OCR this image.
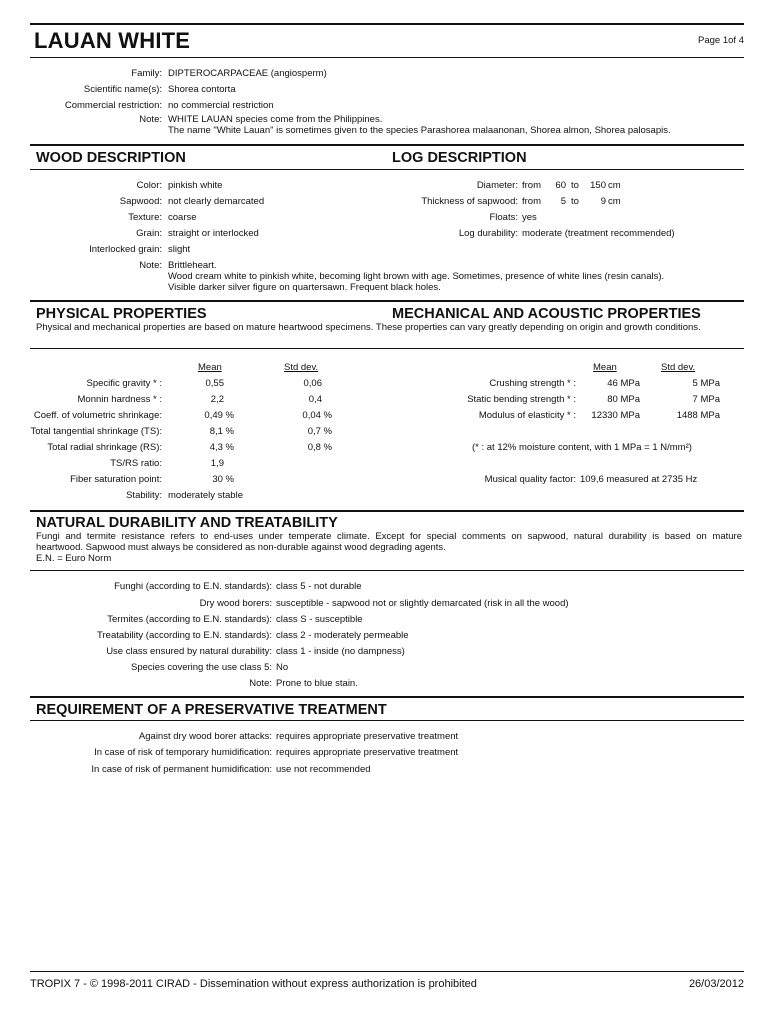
LAUAN WHITE	Page 1of 4
Family: DIPTEROCARPACEAE (angiosperm)
Scientific name(s): Shorea contorta
Commercial restriction: no commercial restriction
Note: WHITE LAUAN species come from the Philippines.
The name "White Lauan" is sometimes given to the species Parashorea malaanonan, Shorea almon, Shorea palosapis.
WOOD DESCRIPTION	LOG DESCRIPTION
Color: pinkish white
Sapwood: not clearly demarcated
Texture: coarse
Grain: straight or interlocked
Interlocked grain: slight
Note: Brittleheart.
Wood cream white to pinkish white, becoming light brown with age. Sometimes, presence of white lines (resin canals).
Visible darker silver figure on quartersawn. Frequent black holes.
Diameter: from	60 to	150 cm
Thickness of sapwood: from	5 to	9 cm
Floats: yes
Log durability: moderate (treatment recommended)
PHYSICAL PROPERTIES	MECHANICAL AND ACOUSTIC PROPERTIES
Physical and mechanical properties are based on mature heartwood specimens. These properties can vary greatly depending on origin and growth conditions.
Mean	Std dev.
Specific gravity * :	0,55	0,06
Monnin hardness * :	2,2	0,4
Coeff. of volumetric shrinkage:	0,49 %	0,04 %
Total tangential shrinkage (TS):	8,1 %	0,7 %
Total radial shrinkage (RS):	4,3 %	0,8 %
TS/RS ratio:	1,9
Fiber saturation point:	30 %
Stability: moderately stable
Mean	Std dev.
Crushing strength * :	46 MPa	5 MPa
Static bending strength * :	80 MPa	7 MPa
Modulus of elasticity * :	12330 MPa	1488 MPa
(* : at 12% moisture content, with 1 MPa = 1 N/mm²)
Musical quality factor: 109,6 measured at 2735 Hz
NATURAL DURABILITY AND TREATABILITY
Fungi and termite resistance refers to end-uses under temperate climate. Except for special comments on sapwood, natural durability is based on mature
heartwood. Sapwood must always be considered as non-durable against wood degrading agents.
E.N. = Euro Norm
Funghi (according to E.N. standards): class 5 - not durable
Dry wood borers: susceptible - sapwood not or slightly demarcated (risk in all the wood)
Termites (according to E.N. standards): class S - susceptible
Treatability (according to E.N. standards): class 2 - moderately permeable
Use class ensured by natural durability: class 1 - inside (no dampness)
Species covering the use class 5: No
Note: Prone to blue stain.
REQUIREMENT OF A PRESERVATIVE TREATMENT
Against dry wood borer attacks: requires appropriate preservative treatment
In case of risk of temporary humidification: requires appropriate preservative treatment
In case of risk of permanent humidification: use not recommended
TROPIX 7 - © 1998-2011 CIRAD - Dissemination without express authorization is prohibited	26/03/2012
